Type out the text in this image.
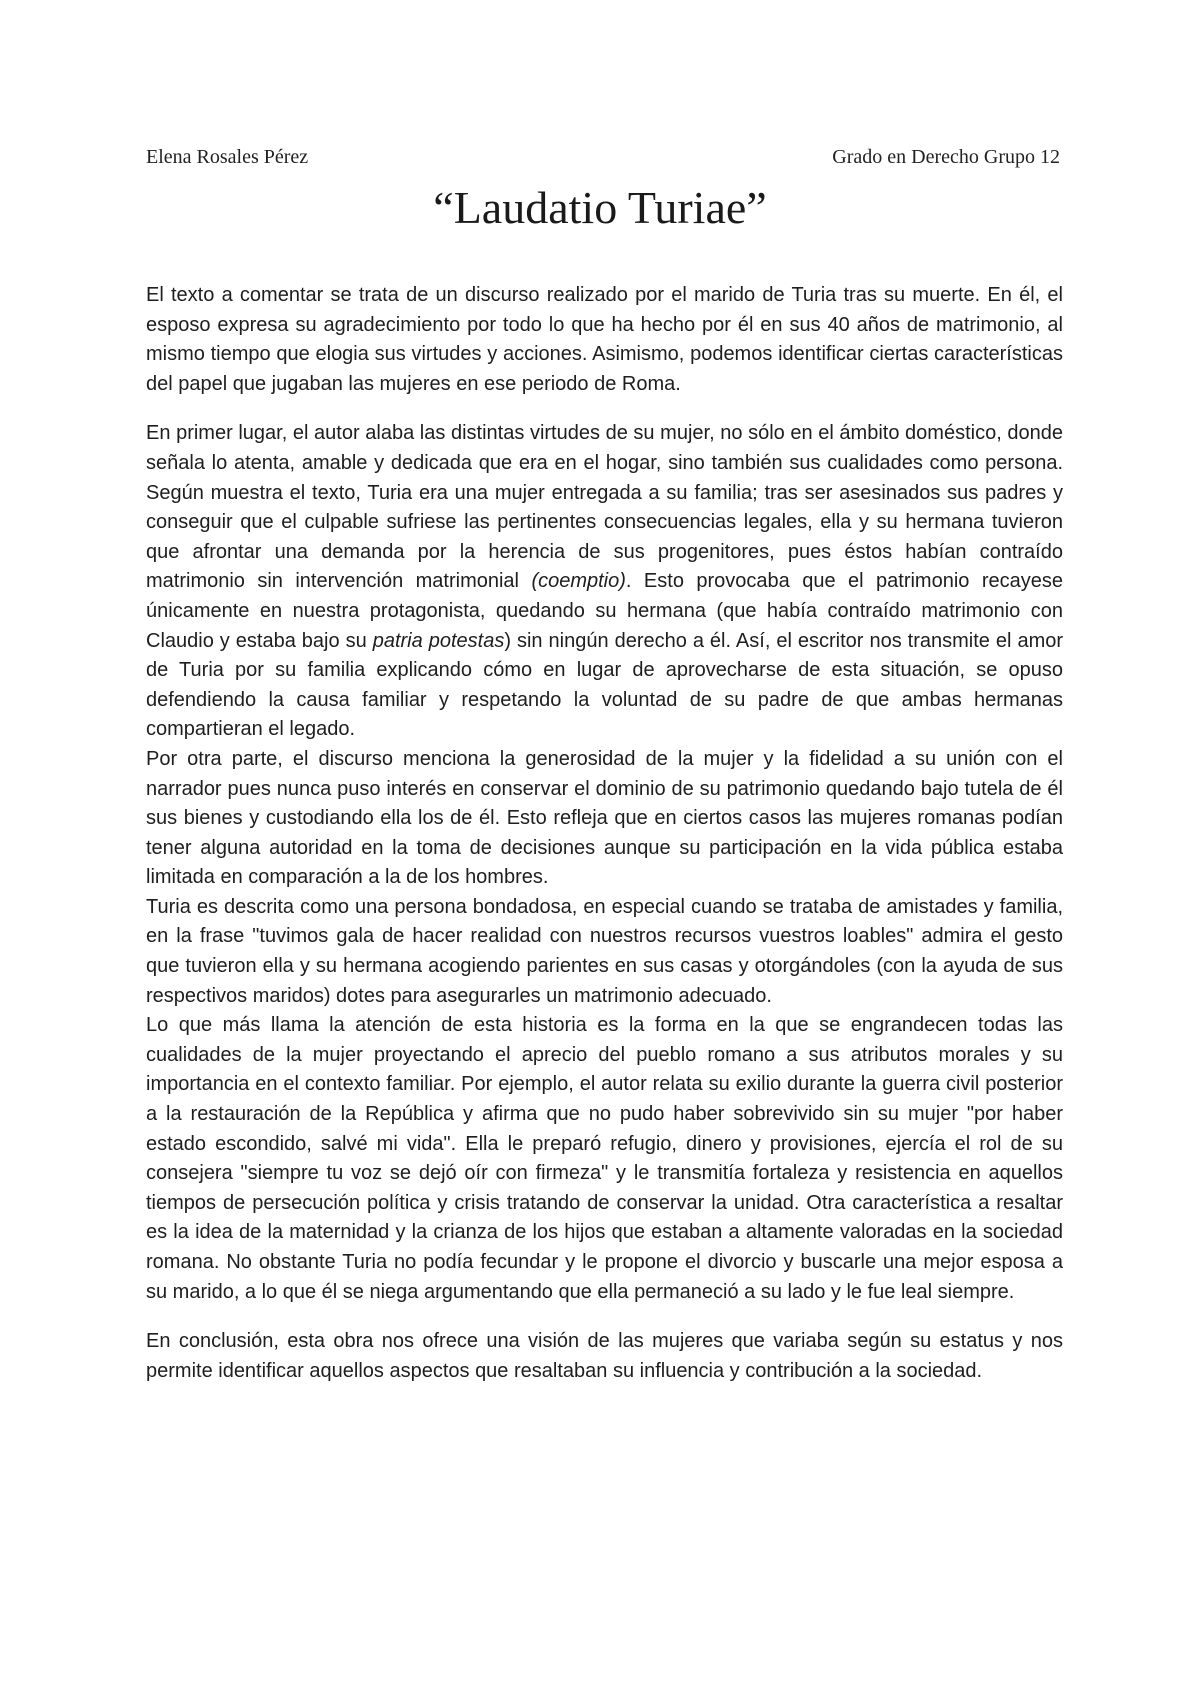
Elena Rosales Pérez	Grado en Derecho Grupo 12
“Laudatio Turiae”

El texto a comentar se trata de un discurso realizado por el marido de Turia tras su muerte. En él, el esposo expresa su agradecimiento por todo lo que ha hecho por él en sus 40 años de matrimonio, al mismo tiempo que elogia sus virtudes y acciones. Asimismo, podemos identificar ciertas características del papel que jugaban las mujeres en ese periodo de Roma.

En primer lugar, el autor alaba las distintas virtudes de su mujer, no sólo en el ámbito doméstico, donde señala lo atenta, amable y dedicada que era en el hogar, sino también sus cualidades como persona. Según muestra el texto, Turia era una mujer entregada a su familia; tras ser asesinados sus padres y conseguir que el culpable sufriese las pertinentes consecuencias legales, ella y su hermana tuvieron que afrontar una demanda por la herencia de sus progenitores, pues éstos habían contraído matrimonio sin intervención matrimonial (coemptio). Esto provocaba que el patrimonio recayese únicamente en nuestra protagonista, quedando su hermana (que había contraído matrimonio con Claudio y estaba bajo su patria potestas) sin ningún derecho a él. Así, el escritor nos transmite el amor de Turia por su familia explicando cómo en lugar de aprovecharse de esta situación, se opuso defendiendo la causa familiar y respetando la voluntad de su padre de que ambas hermanas compartieran el legado.

Por otra parte, el discurso menciona la generosidad de la mujer y la fidelidad a su unión con el narrador pues nunca puso interés en conservar el dominio de su patrimonio quedando bajo tutela de él sus bienes y custodiando ella los de él. Esto refleja que en ciertos casos las mujeres romanas podían tener alguna autoridad en la toma de decisiones aunque su participación en la vida pública estaba limitada en comparación a la de los hombres.

Turia es descrita como una persona bondadosa, en especial cuando se trataba de amistades y familia, en la frase "tuvimos gala de hacer realidad con nuestros recursos vuestros loables" admira el gesto que tuvieron ella y su hermana acogiendo parientes en sus casas y otorgándoles (con la ayuda de sus respectivos maridos) dotes para asegurarles un matrimonio adecuado.

Lo que más llama la atención de esta historia es la forma en la que se engrandecen todas las cualidades de la mujer proyectando el aprecio del pueblo romano a sus atributos morales y su importancia en el contexto familiar. Por ejemplo, el autor relata su exilio durante la guerra civil posterior a la restauración de la República y afirma que no pudo haber sobrevivido sin su mujer "por haber estado escondido, salvé mi vida". Ella le preparó refugio, dinero y provisiones, ejercía el rol de su consejera "siempre tu voz se dejó oír con firmeza" y le transmitía fortaleza y resistencia en aquellos tiempos de persecución política y crisis tratando de conservar la unidad. Otra característica a resaltar es la idea de la maternidad y la crianza de los hijos que estaban a altamente valoradas en la sociedad romana. No obstante Turia no podía fecundar y le propone el divorcio y buscarle una mejor esposa a su marido, a lo que él se niega argumentando que ella permaneció a su lado y le fue leal siempre.

En conclusión, esta obra nos ofrece una visión de las mujeres que variaba según su estatus y nos permite identificar aquellos aspectos que resaltaban su influencia y contribución a la sociedad.
